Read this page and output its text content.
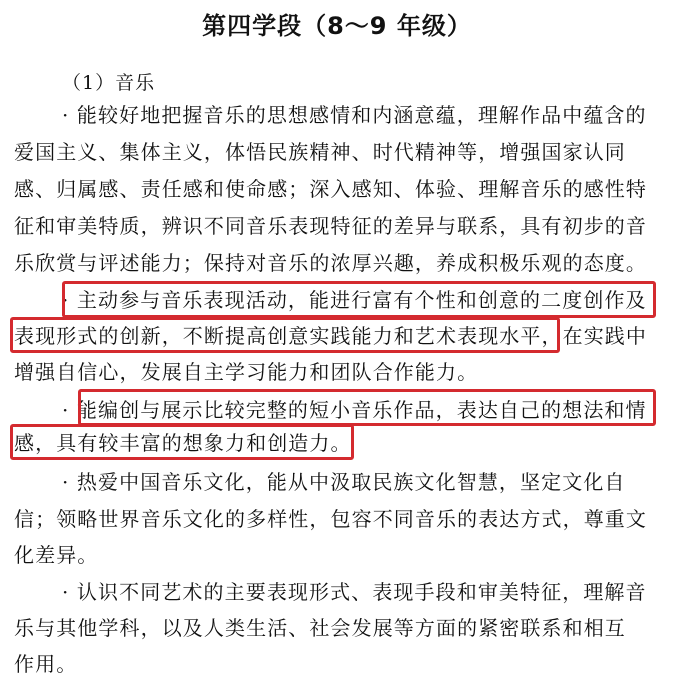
第四学段（8～9 年级）
（1）音乐
· 能较好地把握音乐的思想感情和内涵意蕴，理解作品中蕴含的
爱国主义、集体主义，体悟民族精神、时代精神等，增强国家认同
感、归属感、责任感和使命感；深入感知、体验、理解音乐的感性特
征和审美特质，辨识不同音乐表现特征的差异与联系，具有初步的音
乐欣赏与评述能力；保持对音乐的浓厚兴趣，养成积极乐观的态度。
· 主动参与音乐表现活动，能进行富有个性和创意的二度创作及
表现形式的创新，不断提高创意实践能力和艺术表现水平，在实践中
增强自信心，发展自主学习能力和团队合作能力。
· 能编创与展示比较完整的短小音乐作品，表达自己的想法和情
感，具有较丰富的想象力和创造力。
· 热爱中国音乐文化，能从中汲取民族文化智慧，坚定文化自
信；领略世界音乐文化的多样性，包容不同音乐的表达方式，尊重文
化差异。
· 认识不同艺术的主要表现形式、表现手段和审美特征，理解音
乐与其他学科，以及人类生活、社会发展等方面的紧密联系和相互
作用。
